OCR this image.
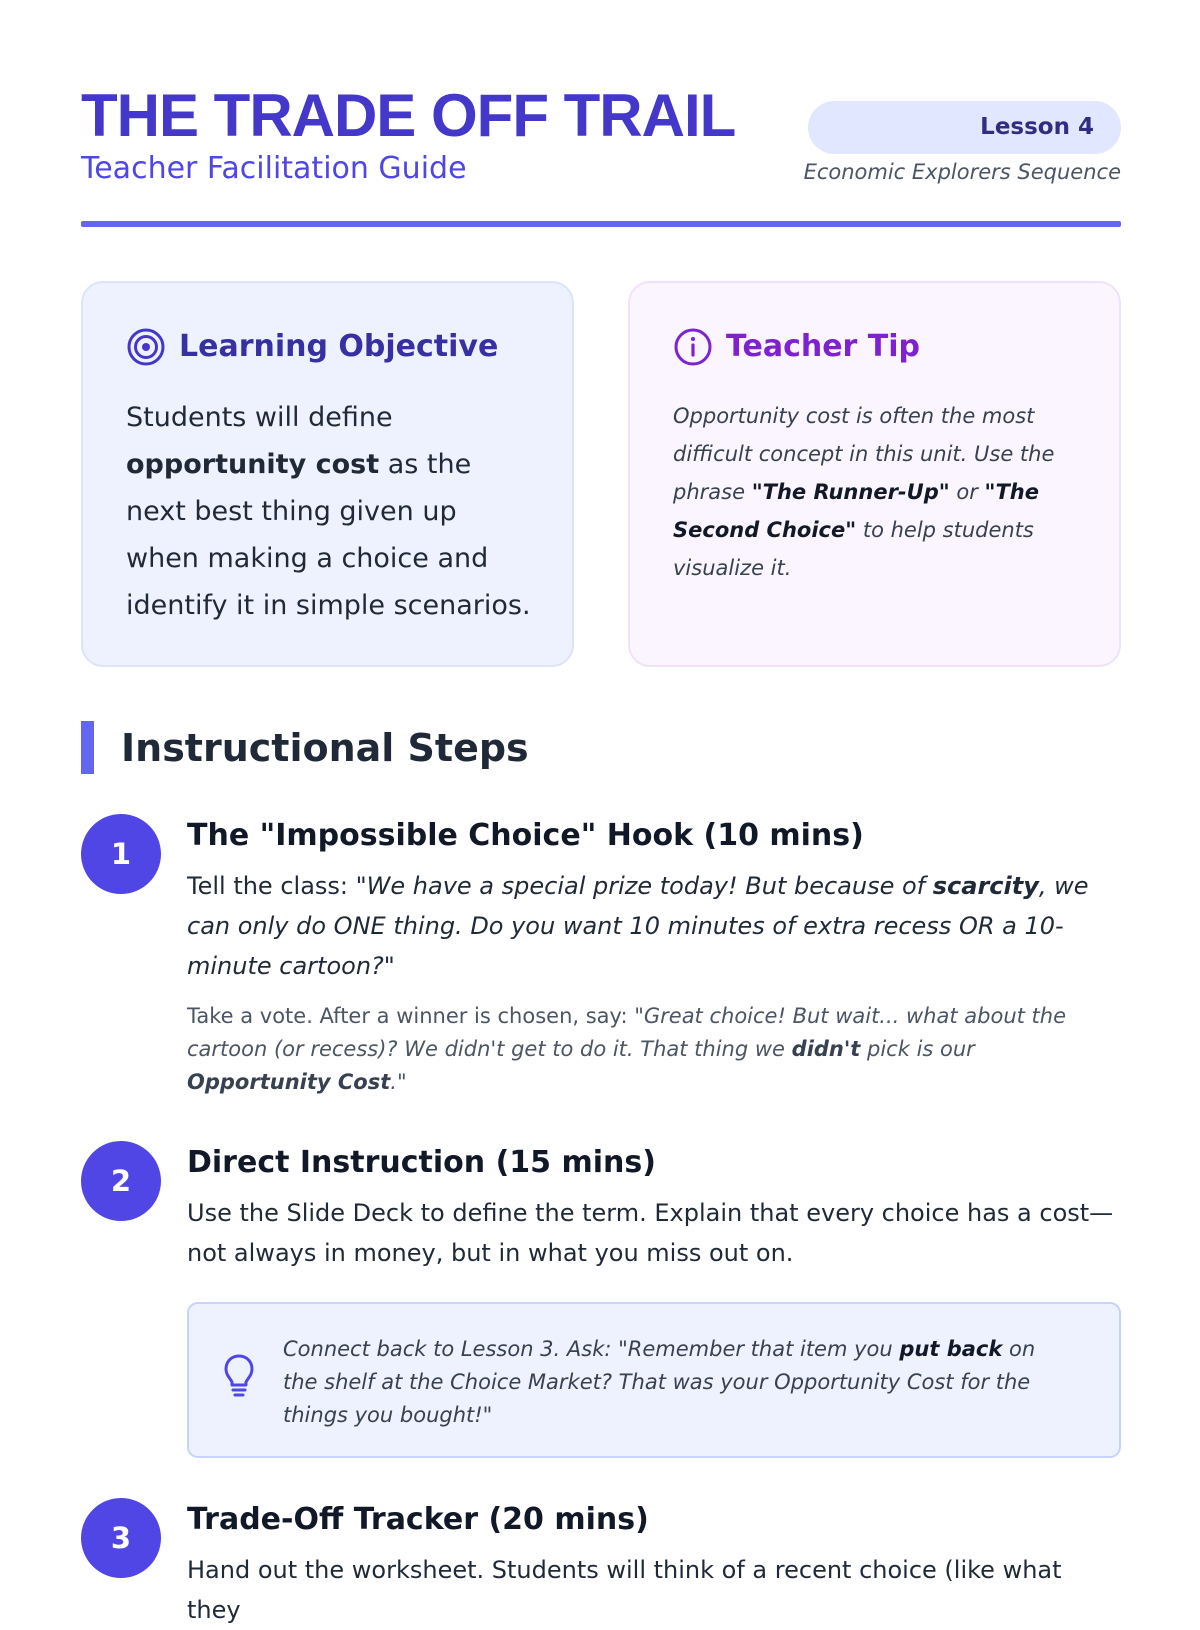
THE TRADE OFF TRAIL
Teacher Facilitation Guide
Lesson 4
Economic Explorers Sequence
Learning Objective

Students will define opportunity cost as the next best thing given up when making a choice and identify it in simple scenarios.

Teacher Tip

Opportunity cost is often the most difficult concept in this unit. Use the phrase "The Runner-Up" or "The Second Choice" to help students visualize it.

Instructional Steps
1
The "Impossible Choice" Hook (10 mins)

Tell the class: "We have a special prize today! But because of scarcity, we can only do ONE thing. Do you want 10 minutes of extra recess OR a 10-minute cartoon?"

Take a vote. After a winner is chosen, say: "Great choice! But wait... what about the cartoon (or recess)? We didn't get to do it. That thing we didn't pick is our Opportunity Cost."

2
Direct Instruction (15 mins)

Use the Slide Deck to define the term. Explain that every choice has a cost—not always in money, but in what you miss out on.

Connect back to Lesson 3. Ask: "Remember that item you put back on the shelf at the Choice Market? That was your Opportunity Cost for the things you bought!"

3
Trade-Off Tracker (20 mins)

Hand out the worksheet. Students will think of a recent choice (like what they
